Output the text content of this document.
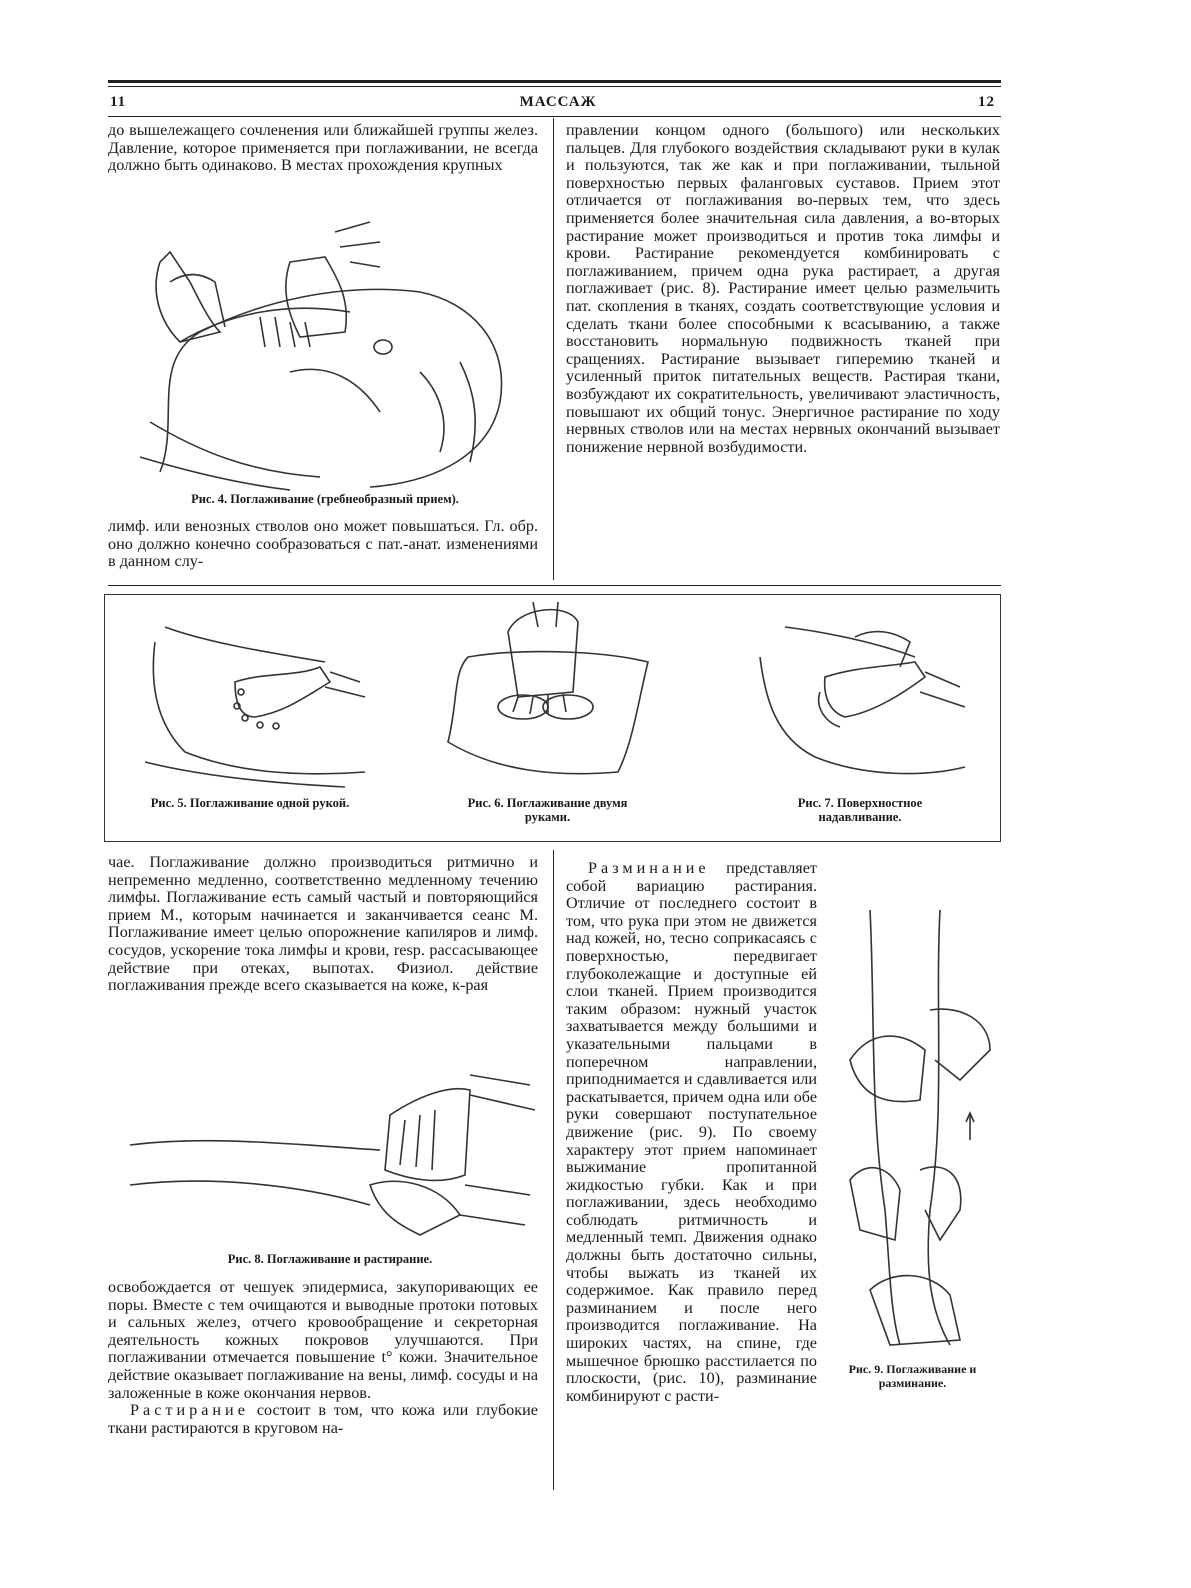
11	МАССАЖ	12

до вышележащего сочленения или ближайшей группы желез. Давление, которое применяется при поглаживании, не всегда должно быть одинаково. В местах прохождения крупных

Рис. 4. Поглаживание (гребнеобразный прием).

лимф. или венозных стволов оно может повышаться. Гл. обр. оно должно конечно сообразоваться с пат.-анат. изменениями в данном слу-

правлении концом одного (большого) или нескольких пальцев. Для глубокого воздействия складывают руки в кулак и пользуются, так же как и при поглаживании, тыльной поверхностью первых фаланговых суставов. Прием этот отличается от поглаживания во-первых тем, что здесь применяется более значительная сила давления, а во-вторых растирание может производиться и против тока лимфы и крови. Растирание рекомендуется комбинировать с поглаживанием, причем одна рука растирает, а другая поглаживает (рис. 8). Растирание имеет целью размельчить пат. скопления в тканях, создать соответствующие условия и сделать ткани более способными к всасыванию, а также восстановить нормальную подвижность тканей при сращениях. Растирание вызывает гиперемию тканей и усиленный приток питательных веществ. Растирая ткани, возбуждают их сократительность, увеличивают эластичность, повышают их общий тонус. Энергичное растирание по ходу нервных стволов или на местах нервных окончаний вызывает понижение нервной возбудимости.

Рис. 5. Поглаживание одной рукой.	Рис. 6. Поглаживание двумя руками.
Рис. 7. Поверхностное надавливание.

чае. Поглаживание должно производиться ритмично и непременно медленно, соответственно медленному течению лимфы. Поглаживание есть самый частый и повторяющийся прием М., которым начинается и заканчивается сеанс М. Поглаживание имеет целью опорожнение капиляров и лимф. сосудов, ускорение тока лимфы и крови, resp. рассасывающее действие при отеках, выпотах. Физиол. действие поглаживания прежде всего сказывается на коже, к-рая

Рис. 8. Поглаживание и растирание.

освобождается от чешуек эпидермиса, закупоривающих ее поры. Вместе с тем очищаются и выводные протоки потовых и сальных желез, отчего кровообращение и секреторная деятельность кожных покровов улучшаются. При поглаживании отмечается повышение t° кожи. Значительное действие оказывает поглаживание на вены, лимф. сосуды и на заложенные в коже окончания нервов.

Растирание состоит в том, что кожа или глубокие ткани растираются в круговом на-

Рис. 9. Поглаживание и разминание.

Разминание представляет собой вариацию растирания. Отличие от последнего состоит в том, что рука при этом не движется над кожей, но, тесно соприкасаясь с поверхностью, передвигает глубоколежащие и доступные ей слои тканей. Прием производится таким образом: нужный участок захватывается между большими и указательными пальцами в поперечном направлении, приподнимается и сдавливается или раскатывается, причем одна или обе руки совершают поступательное движение (рис. 9). По своему характеру этот прием напоминает выжимание пропитанной жидкостью губки. Как и при поглаживании, здесь необходимо соблюдать ритмичность и медленный темп. Движения однако должны быть достаточно сильны, чтобы выжать из тканей их содержимое. Как правило перед разминанием и после него производится поглаживание. На широких частях, на спине, где мышечное брюшко расстилается по плоскости, (рис. 10), разминание комбинируют с расти-
